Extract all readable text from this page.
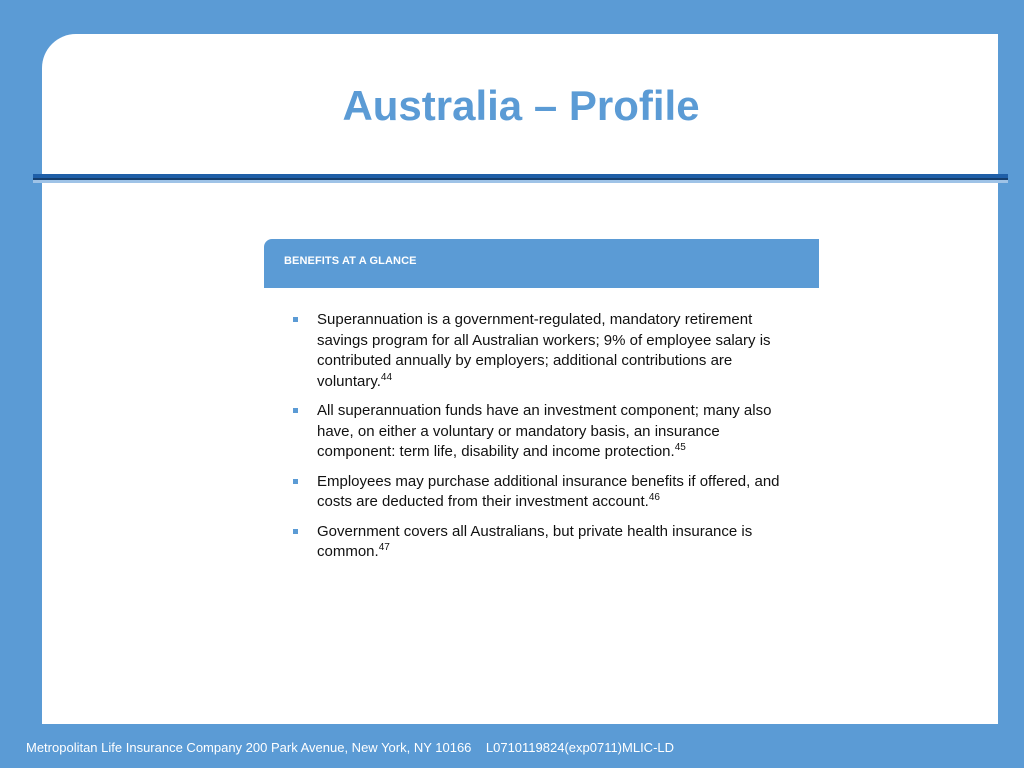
Australia – Profile
BENEFITS AT A GLANCE
Superannuation is a government-regulated, mandatory retirement savings program for all Australian workers; 9% of employee salary is contributed annually by employers; additional contributions are voluntary.$^{44}$
All superannuation funds have an investment component; many also have, on either a voluntary or mandatory basis, an insurance component: term life, disability and income protection.$^{45}$
Employees may purchase additional insurance benefits if offered, and costs are deducted from their investment account.$^{46}$
Government covers all Australians, but private health insurance is common.$^{47}$
Metropolitan Life Insurance Company 200 Park Avenue, New York, NY 10166 L0710119824(exp0711)MLIC-LD
